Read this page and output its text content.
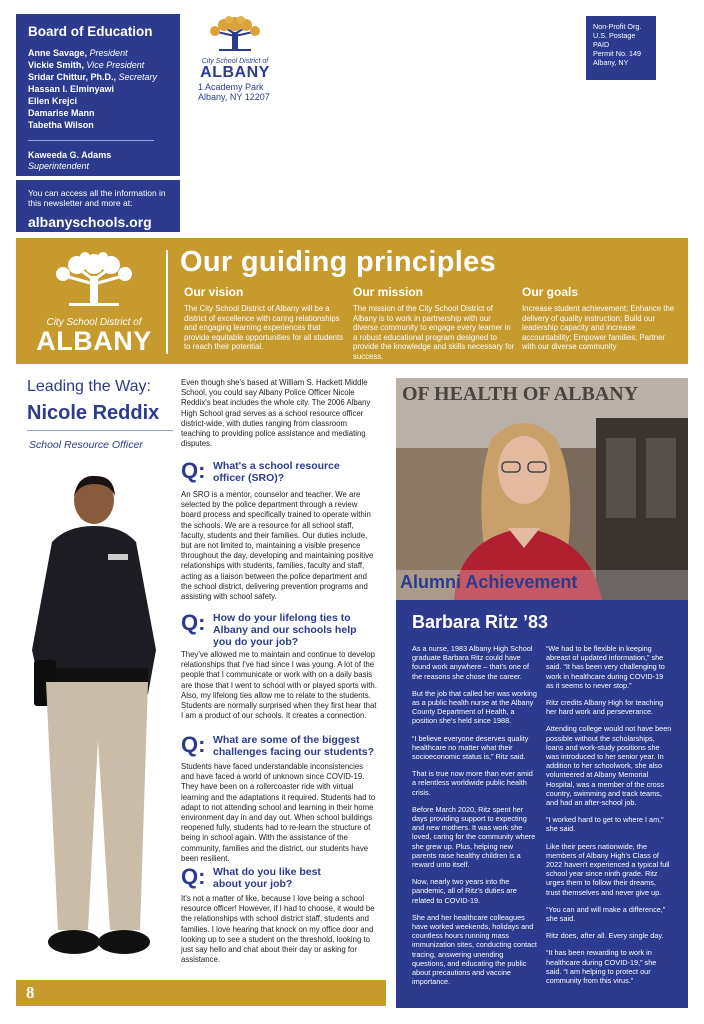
Board of Education
Anne Savage, President
Vickie Smith, Vice President
Sridar Chittur, Ph.D., Secretary
Hassan I. Elminyawi
Ellen Krejci
Damarise Mann
Tabetha Wilson
Kaweeda G. Adams
Superintendent

You can access all the information in this newsletter and more at:

albanyschools.org
City School District of
ALBANY
1 Academy Park
Albany, NY 12207
Non-Profit Org.
U.S. Postage
PAID
Permit No. 149
Albany, NY
City School District of
ALBANY
Our guiding principles
Our vision

The City School District of Albany will be a district of excellence with caring relationships and engaging learning experiences that provide equitable opportunities for all students to reach their potential.

Our mission

The mission of the City School District of Albany is to work in partnership with our diverse community to engage every learner in a robust educational program designed to provide the knowledge and skills necessary for success.

Our goals

Increase student achievement; Enhance the delivery of quality instruction; Build our leadership capacity and increase accountability; Empower families; Partner with our diverse community

Leading the Way:
Nicole Reddix
School Resource Officer
Even though she's based at William S. Hackett Middle School, you could say Albany Police Officer Nicole Reddix's beat includes the whole city. The 2006 Albany High School grad serves as a school resource officer district-wide, with duties ranging from classroom teaching to providing police assistance and mediating disputes.
Q: What's a school resource officer (SRO)?
An SRO is a mentor, counselor and teacher. We are selected by the police department through a review board process and specifically trained to operate within the schools. We are a resource for all school staff, faculty, students and their families. Our duties include, but are not limited to, maintaining a visible presence throughout the day, developing and maintaining positive relationships with students, families, faculty and staff, acting as a liaison between the police department and the school district, delivering prevention programs and assisting with school safety.
Q: How do your lifelong ties to Albany and our schools help you do your job?
They've allowed me to maintain and continue to develop relationships that I've had since I was young. A lot of the people that I communicate or work with on a daily basis are those that I went to school with or played sports with. Also, my lifelong ties allow me to relate to the students. Students are normally surprised when they first hear that I am a product of our schools. It creates a connection.
Q: What are some of the biggest challenges facing our students?
Students have faced understandable inconsistencies and have faced a world of unknown since COVID-19. They have been on a rollercoaster ride with virtual learning and the adaptations it required. Students had to adapt to not attending school and learning in their home environment day in and day out. When school buildings reopened fully, students had to re-learn the structure of being in school again. With the assistance of the community, families and the district, our students have been resilient.
Q: What do you like best about your job?
It's not a matter of like, because I love being a school resource officer! However, if I had to choose, it would be the relationships with school district staff, students and families. I love hearing that knock on my office door and looking up to see a student on the threshold, looking to just say hello and chat about their day or asking for assistance.
OF HEALTH OF ALBANY
Alumni Achievement
Barbara Ritz ’83

As a nurse, 1983 Albany High School graduate Barbara Ritz could have found work anywhere – that's one of the reasons she chose the career.

But the job that called her was working as a public health nurse at the Albany County Department of Health, a position she's held since 1988.

“I believe everyone deserves quality healthcare no matter what their socioeconomic status is,” Ritz said.

That is true now more than ever amid a relentless worldwide public health crisis.

Before March 2020, Ritz spent her days providing support to expecting and new mothers. It was work she loved, caring for the community where she grew up. Plus, helping new parents raise healthy children is a reward unto itself.

Now, nearly two years into the pandemic, all of Ritz's duties are related to COVID-19.

She and her healthcare colleagues have worked weekends, holidays and countless hours running mass immunization sites, conducting contact tracing, answering unending questions, and educating the public about precautions and vaccine importance.

“We had to be flexible in keeping abreast of updated information,” she said. “It has been very challenging to work in healthcare during COVID-19 as it seems to never stop.”

Ritz credits Albany High for teaching her hard work and perseverance.

Attending college would not have been possible without the scholarships, loans and work-study positions she was introduced to her senior year. In addition to her schoolwork, she also volunteered at Albany Memorial Hospital, was a member of the cross country, swimming and track teams, and had an after-school job.

“I worked hard to get to where I am,” she said.

Like their peers nationwide, the members of Albany High's Class of 2022 haven't experienced a typical full school year since ninth grade. Ritz urges them to follow their dreams, trust themselves and never give up.

“You can and will make a difference,” she said.

Ritz does, after all. Every single day.

“It has been rewarding to work in healthcare during COVID-19,” she said. “I am helping to protect our community from this virus.”

8
